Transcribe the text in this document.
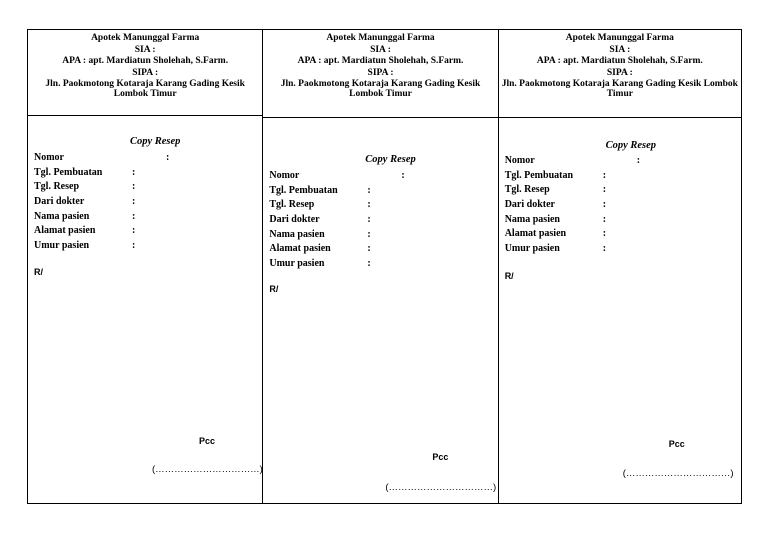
Apotek Manunggal Farma
SIA :
APA : apt. Mardiatun Sholehah, S.Farm.
SIPA :
Jln. Paokmotong Kotaraja Karang Gading Kesik Lombok Timur
Copy Resep
Nomor	:
Tgl. Pembuatan	:
Tgl. Resep	:
Dari dokter	:
Nama pasien	:
Alamat pasien	:
Umur pasien	:
R/
Pcc
(……………………………)
Apotek Manunggal Farma
SIA :
APA : apt. Mardiatun Sholehah, S.Farm.
SIPA :
Jln. Paokmotong Kotaraja Karang Gading Kesik Lombok Timur
Copy Resep
Nomor	:
Tgl. Pembuatan	:
Tgl. Resep	:
Dari dokter	:
Nama pasien	:
Alamat pasien	:
Umur pasien	:
R/
Pcc
(……………………………)
Apotek Manunggal Farma
SIA :
APA : apt. Mardiatun Sholehah, S.Farm.
SIPA :
Jln. Paokmotong Kotaraja Karang Gading Kesik Lombok Timur
Copy Resep
Nomor	:
Tgl. Pembuatan	:
Tgl. Resep	:
Dari dokter	:
Nama pasien	:
Alamat pasien	:
Umur pasien	:
R/
Pcc
(……………………………)
